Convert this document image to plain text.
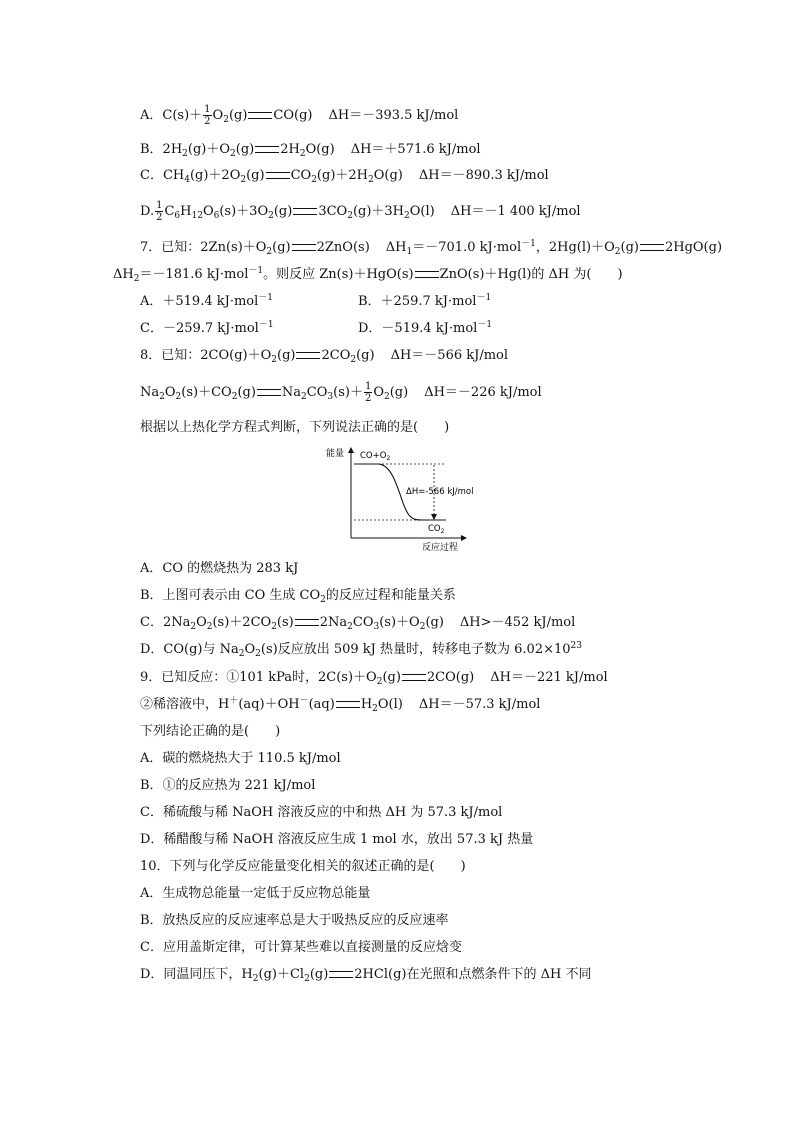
A．$C(s)+ \frac{1}{2} O_2(g)$ CO(g) ΔH＝－393.5 kJ/mol
B．$2H_2(g)+O_2(g)$ $2H_2O(g)$ ΔH＝＋571.6 kJ/mol
C．$CH_4(g)+2O_2(g)$ $CO_2(g)+2H_2O(g)$ ΔH＝－890.3 kJ/mol
D. $\frac{1}{2} C_6H_{12}O_6(s)+3O_2(g)$ $3CO_2(g)+3H_2O(l)$ ΔH＝－1 400 kJ/mol
7．已知：$2Zn(s)+O_2(g)$ 2ZnO(s) $\Delta H_1=-701.0$ kJ·mol$^{-1}$，$2Hg(l)+O_2(g)$ 2HgO(g)
$\Delta H_2=-181.6$ kJ·mol$^{-1}$。则反应 Zn(s)＋HgO(s) ZnO(s)＋Hg(l)的 ΔH 为(　　)
A．＋519.4 kJ·mol$^{-1}$	B．＋259.7 kJ·mol$^{-1}$
C．－259.7 kJ·mol$^{-1}$	D．－519.4 kJ·mol$^{-1}$
8．已知：$2CO(g)+O_2(g)$ $2CO_2(g)$ ΔH＝－566 kJ/mol
$Na_2O_2(s)+CO_2(g)$ $Na_2CO_3(s)+ \frac{1}{2} O_2(g)$ ΔH＝－226 kJ/mol
根据以上热化学方程式判断，下列说法正确的是(　　)
能量
反应过程
$CO+O_2$
$CO_2$
ΔH=-566 kJ/mol
A．CO 的燃烧热为 283 kJ
B．上图可表示由 CO 生成 $CO_2$的反应过程和能量关系
C．$2Na_2O_2(s)+2CO_2(s)$ $2Na_2CO_3(s)+O_2(g)$ ΔH>－452 kJ/mol
D．CO(g)与 $Na_2O_2(s)$反应放出 509 kJ 热量时，转移电子数为 $6.02\times 10^{23}$
9．已知反应：①101 kPa时，$2C(s)+O_2(g)$ 2CO(g) ΔH＝－221 kJ/mol
②稀溶液中，H＋(aq)＋OH－(aq) $H_2O(l)$ ΔH＝－57.3 kJ/mol
下列结论正确的是(　　)
A．碳的燃烧热大于 110.5 kJ/mol
B．①的反应热为 221 kJ/mol
C．稀硫酸与稀 NaOH 溶液反应的中和热 ΔH 为 57.3 kJ/mol
D．稀醋酸与稀 NaOH 溶液反应生成 1 mol 水，放出 57.3 kJ 热量
10．下列与化学反应能量变化相关的叙述正确的是(　　)
A．生成物总能量一定低于反应物总能量
B．放热反应的反应速率总是大于吸热反应的反应速率
C．应用盖斯定律，可计算某些难以直接测量的反应焓变
D．同温同压下，$H_2(g)+Cl_2(g)$ 2HCl(g)在光照和点燃条件下的 ΔH 不同
